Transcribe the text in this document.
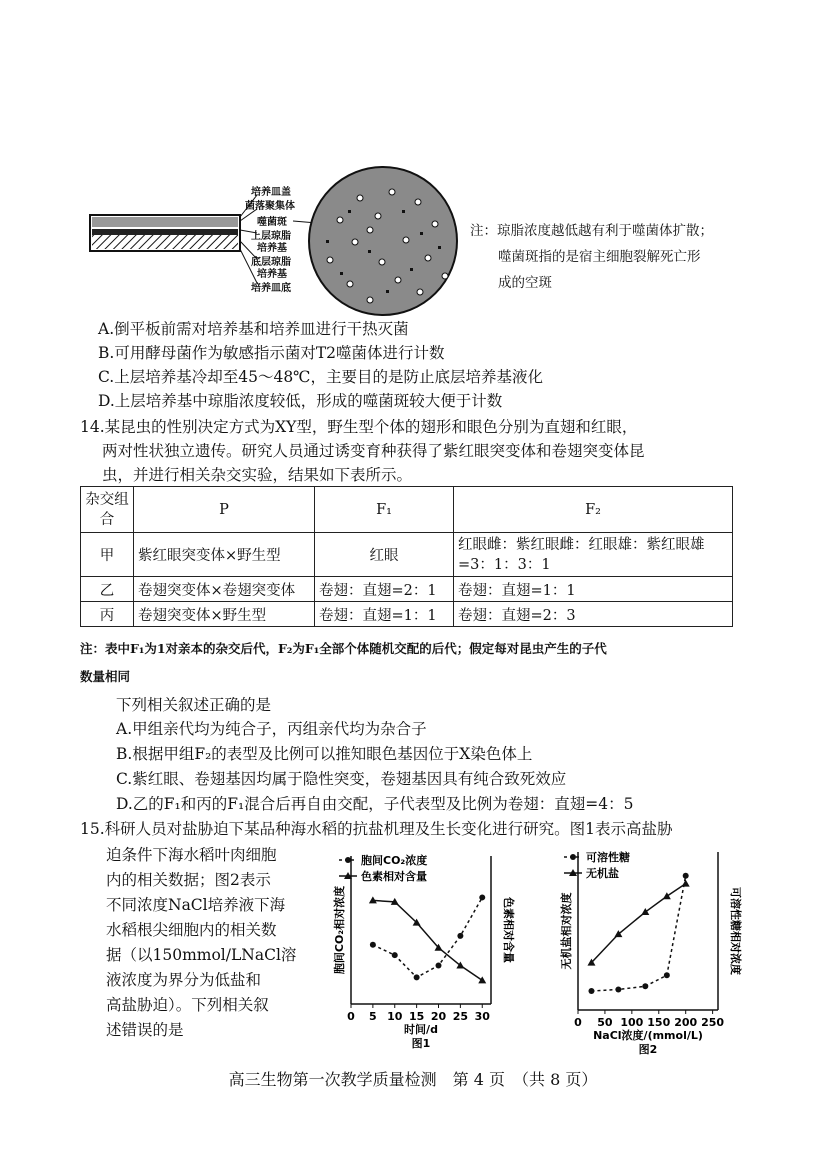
培养皿盖
菌落聚集体
噬菌斑
上层琼脂
培养基
底层琼脂
培养基
培养皿底
注：琼脂浓度越低越有利于噬菌体扩散；
噬菌斑指的是宿主细胞裂解死亡形
成的空斑
A.倒平板前需对培养基和培养皿进行干热灭菌
B.可用酵母菌作为敏感指示菌对T2噬菌体进行计数
C.上层培养基冷却至45～48℃，主要目的是防止底层培养基液化
D.上层培养基中琼脂浓度较低，形成的噬菌斑较大便于计数
14.某昆虫的性别决定方式为XY型，野生型个体的翅形和眼色分别为直翅和红眼，
两对性状独立遗传。研究人员通过诱变育种获得了紫红眼突变体和卷翅突变体昆
虫，并进行相关杂交实验，结果如下表所示。
杂交组合	P	F₁	F₂
甲	紫红眼突变体×野生型	红眼	红眼雌：紫红眼雌：红眼雄：紫红眼雄=3：1：3：1
乙	卷翅突变体×卷翅突变体	卷翅：直翅=2：1	卷翅：直翅=1：1
丙	卷翅突变体×野生型	卷翅：直翅=1：1	卷翅：直翅=2：3
注：表中F₁为1对亲本的杂交后代，F₂为F₁全部个体随机交配的后代；假定每对昆虫产生的子代
数量相同
下列相关叙述正确的是
A.甲组亲代均为纯合子，丙组亲代均为杂合子
B.根据甲组F₂的表型及比例可以推知眼色基因位于X染色体上
C.紫红眼、卷翅基因均属于隐性突变，卷翅基因具有纯合致死效应
D.乙的F₁和丙的F₁混合后再自由交配，子代表型及比例为卷翅：直翅=4：5
15.科研人员对盐胁迫下某品种海水稻的抗盐机理及生长变化进行研究。图1表示高盐胁
迫条件下海水稻叶肉细胞
内的相关数据；图2表示
不同浓度NaCl培养液下海
水稻根尖细胞内的相关数
据（以150mmol/LNaCl溶
液浓度为界分为低盐和
高盐胁迫）。下列相关叙
述错误的是
0 5 10 15 20 25 30
时间/d
胞间CO₂相对浓度	色素相对含量
图1
胞间CO₂浓度
色素相对含量
0 50 100 150 200 250
NaCl浓度/(mmol/L)
无机盐相对浓度	可溶性糖相对浓度
图2
可溶性糖
无机盐
高三生物第一次教学质量检测　第 4 页　（共 8 页）
